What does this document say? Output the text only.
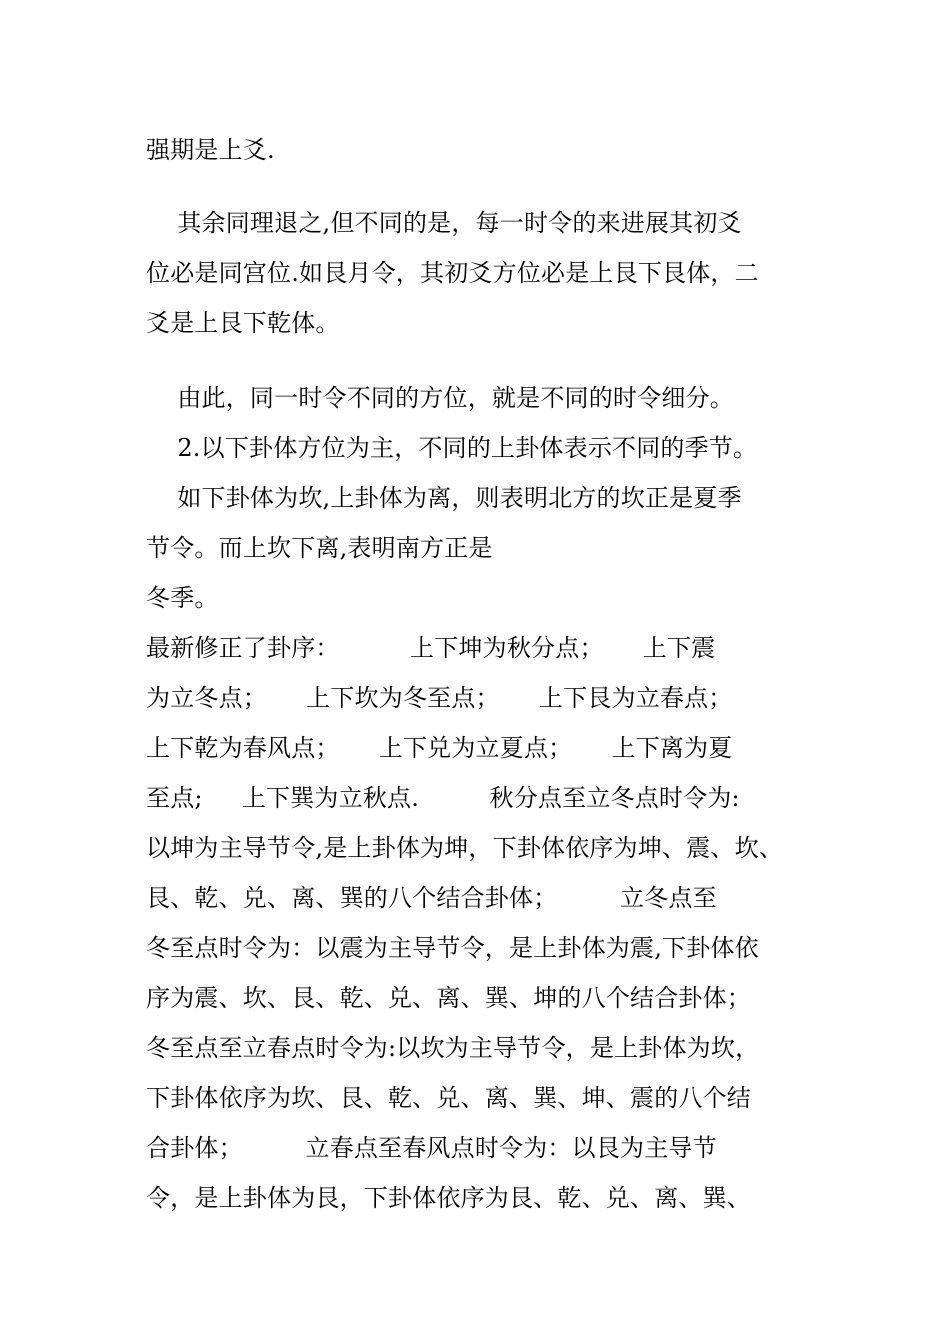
强期是上爻.
其余同理退之,但不同的是，每一时令的来进展其初爻
位必是同宫位.如艮月令，其初爻方位必是上艮下艮体，二
爻是上艮下乾体。
由此，同一时令不同的方位，就是不同的时令细分。
2.以下卦体方位为主，不同的上卦体表示不同的季节。
如下卦体为坎,上卦体为离，则表明北方的坎正是夏季
节令。而上坎下离,表明南方正是
冬季。
最新修正了卦序：         上下坤为秋分点；     上下震
为立冬点；     上下坎为冬至点；     上下艮为立春点；
上下乾为春风点；     上下兑为立夏点；     上下离为夏
至点;     上下巽为立秋点.         秋分点至立冬点时令为:
以坤为主导节令,是上卦体为坤，下卦体依序为坤、震、坎、
艮、乾、兑、离、巽的八个结合卦体；        立冬点至
冬至点时令为：以震为主导节令，是上卦体为震,下卦体依
序为震、坎、艮、乾、兑、离、巽、坤的八个结合卦体；
冬至点至立春点时令为:以坎为主导节令，是上卦体为坎，
下卦体依序为坎、艮、乾、兑、离、巽、坤、震的八个结
合卦体；        立春点至春风点时令为：以艮为主导节
令，是上卦体为艮，下卦体依序为艮、乾、兑、离、巽、
